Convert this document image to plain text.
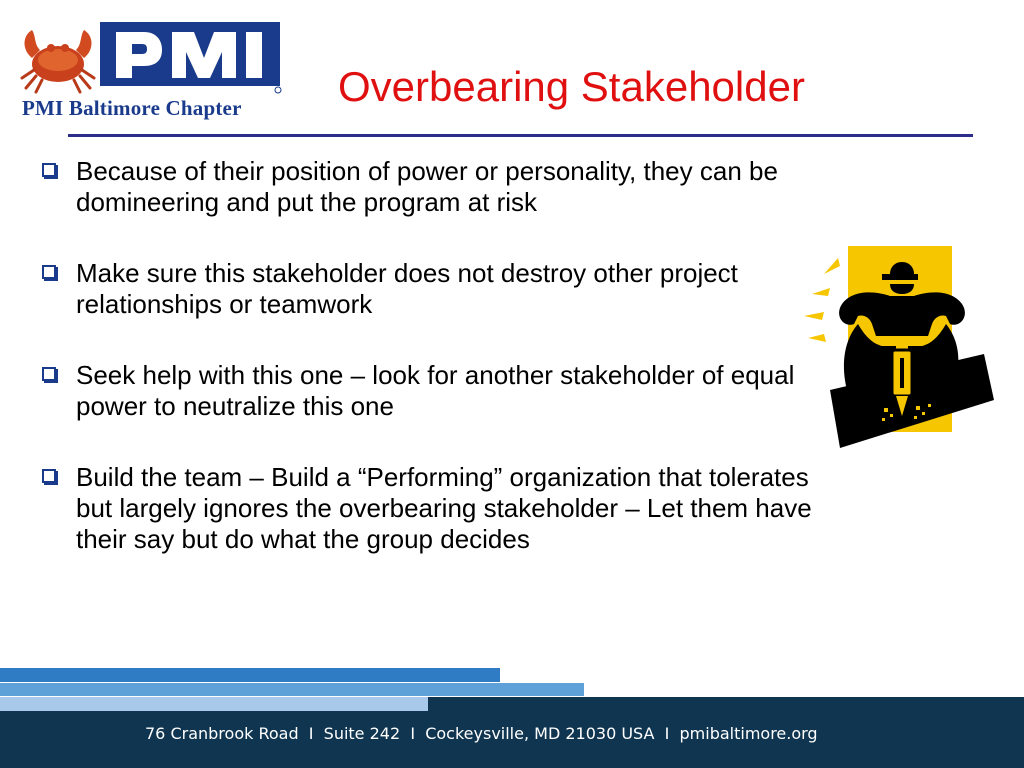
PMI Baltimore Chapter Overbearing Stakeholder
Because of their position of power or personality, they can be domineering and put the program at risk
Make sure this stakeholder does not destroy other project relationships or teamwork
Seek help with this one – look for another stakeholder of equal power to neutralize this one
Build the team – Build a “Performing” organization that tolerates but largely ignores the overbearing stakeholder – Let them have their say but do what the group decides
76 Cranbrook Road  I  Suite 242  I  Cockeysville, MD 21030 USA  I  pmibaltimore.org
